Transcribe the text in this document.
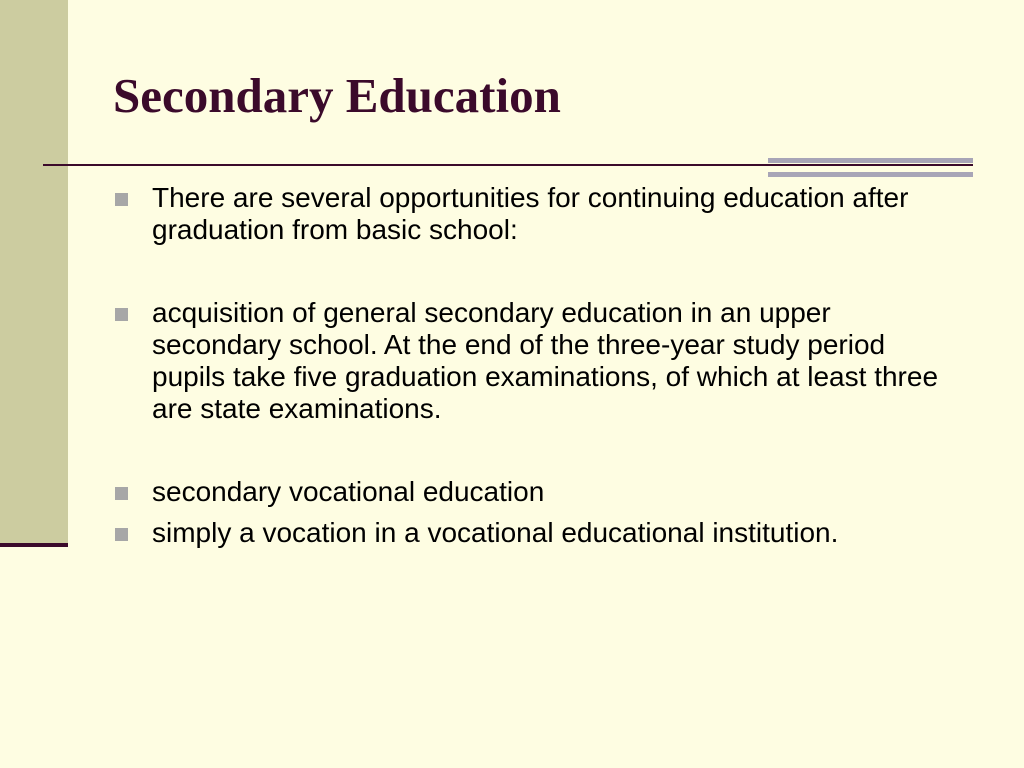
Secondary Education
There are several opportunities for continuing education after graduation from basic school:
acquisition of general secondary education in an upper secondary school. At the end of the three-year study period pupils take five graduation examinations, of which at least three are state examinations.
secondary vocational education
simply a vocation in a vocational educational institution.
